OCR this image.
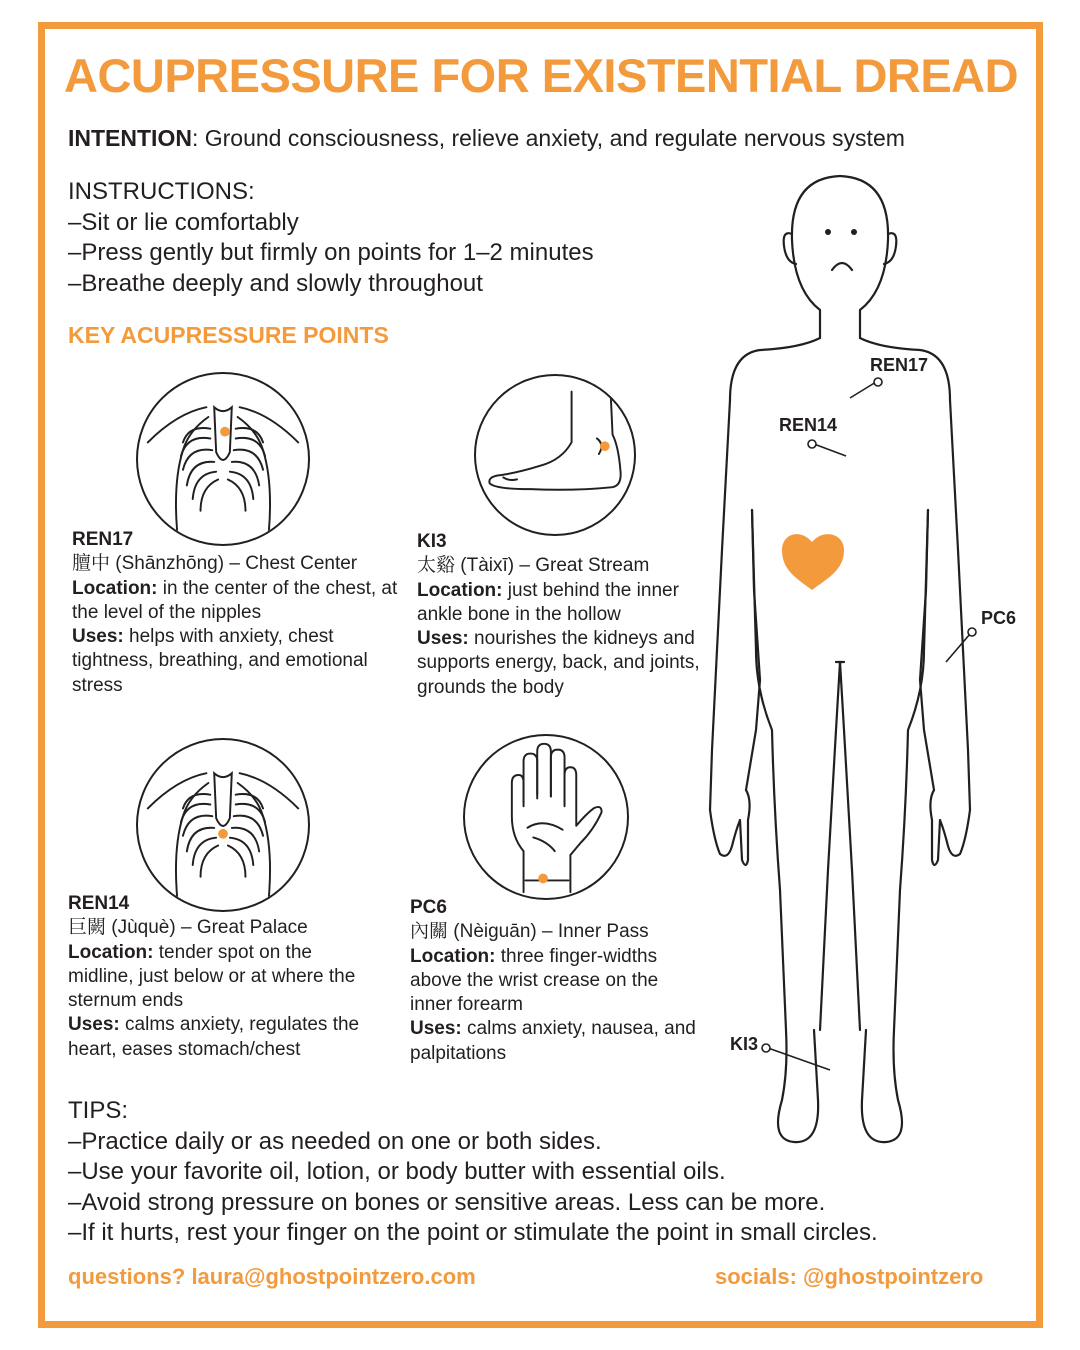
ACUPRESSURE FOR EXISTENTIAL DREAD
INTENTION: Ground consciousness, relieve anxiety, and regulate nervous system
INSTRUCTIONS:
–Sit or lie comfortably
–Press gently but firmly on points for 1–2 minutes
–Breathe deeply and slowly throughout
KEY ACUPRESSURE POINTS
REN17
膻中 (Shānzhōng) – Chest Center
Location: in the center of the chest, at the level of the nipples
Uses: helps with anxiety, chest tightness, breathing, and emotional stress
KI3
太谿 (Tàixī) – Great Stream
Location: just behind the inner ankle bone in the hollow
Uses: nourishes the kidneys and supports energy, back, and joints, grounds the body
REN14
巨闕 (Jùquè) – Great Palace
Location: tender spot on the midline, just below or at where the sternum ends
Uses: calms anxiety, regulates the heart, eases stomach/chest
PC6
內關 (Nèiguān) – Inner Pass
Location: three finger-widths above the wrist crease on the inner forearm
Uses: calms anxiety, nausea, and palpitations
REN17
REN14
PC6
KI3
TIPS:
–Practice daily or as needed on one or both sides.
–Use your favorite oil, lotion, or body butter with essential oils.
–Avoid strong pressure on bones or sensitive areas. Less can be more.
–If it hurts, rest your finger on the point or stimulate the point in small circles.
questions? laura@ghostpointzero.com	socials: @ghostpointzero
